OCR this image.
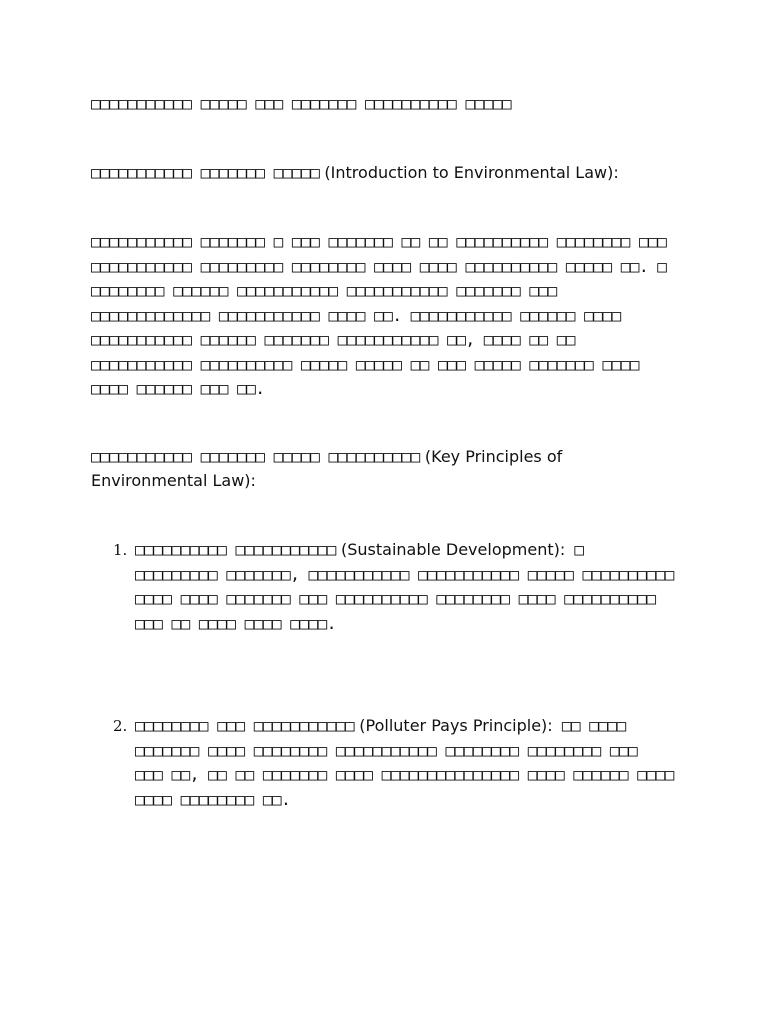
□□□□□□□□□□□ □□□□□ □□□ □□□□□□□ □□□□□□□□□□ □□□□□
□□□□□□□□□□□ □□□□□□□ □□□□□ (Introduction to Environmental Law):
□□□□□□□□□□□ □□□□□□□ □ □□□ □□□□□□□ □□ □□ □□□□□□□□□□ □□□□□□□□ □□□
□□□□□□□□□□□ □□□□□□□□□ □□□□□□□□ □□□□ □□□□ □□□□□□□□□□ □□□□□ □□. □
□□□□□□□□ □□□□□□ □□□□□□□□□□□ □□□□□□□□□□□ □□□□□□□ □□□
□□□□□□□□□□□□□ □□□□□□□□□□□ □□□□ □□. □□□□□□□□□□□ □□□□□□ □□□□
□□□□□□□□□□□ □□□□□□ □□□□□□□ □□□□□□□□□□□ □□, □□□□ □□ □□
□□□□□□□□□□□ □□□□□□□□□□ □□□□□ □□□□□ □□ □□□ □□□□□ □□□□□□□ □□□□
□□□□ □□□□□□ □□□ □□.
□□□□□□□□□□□ □□□□□□□ □□□□□ □□□□□□□□□□ (Key Principles of Environmental Law):
1. □□□□□□□□□□ □□□□□□□□□□□ (Sustainable Development): □
□□□□□□□□□ □□□□□□□, □□□□□□□□□□□ □□□□□□□□□□□ □□□□□ □□□□□□□□□□
□□□□ □□□□ □□□□□□□ □□□ □□□□□□□□□□ □□□□□□□□ □□□□ □□□□□□□□□□
□□□ □□ □□□□ □□□□ □□□□.
2. □□□□□□□□ □□□ □□□□□□□□□□□ (Polluter Pays Principle): □□ □□□□
□□□□□□□ □□□□ □□□□□□□□ □□□□□□□□□□□ □□□□□□□□ □□□□□□□□ □□□
□□□ □□, □□ □□ □□□□□□□ □□□□ □□□□□□□□□□□□□□□ □□□□ □□□□□□ □□□□
□□□□ □□□□□□□□ □□.
